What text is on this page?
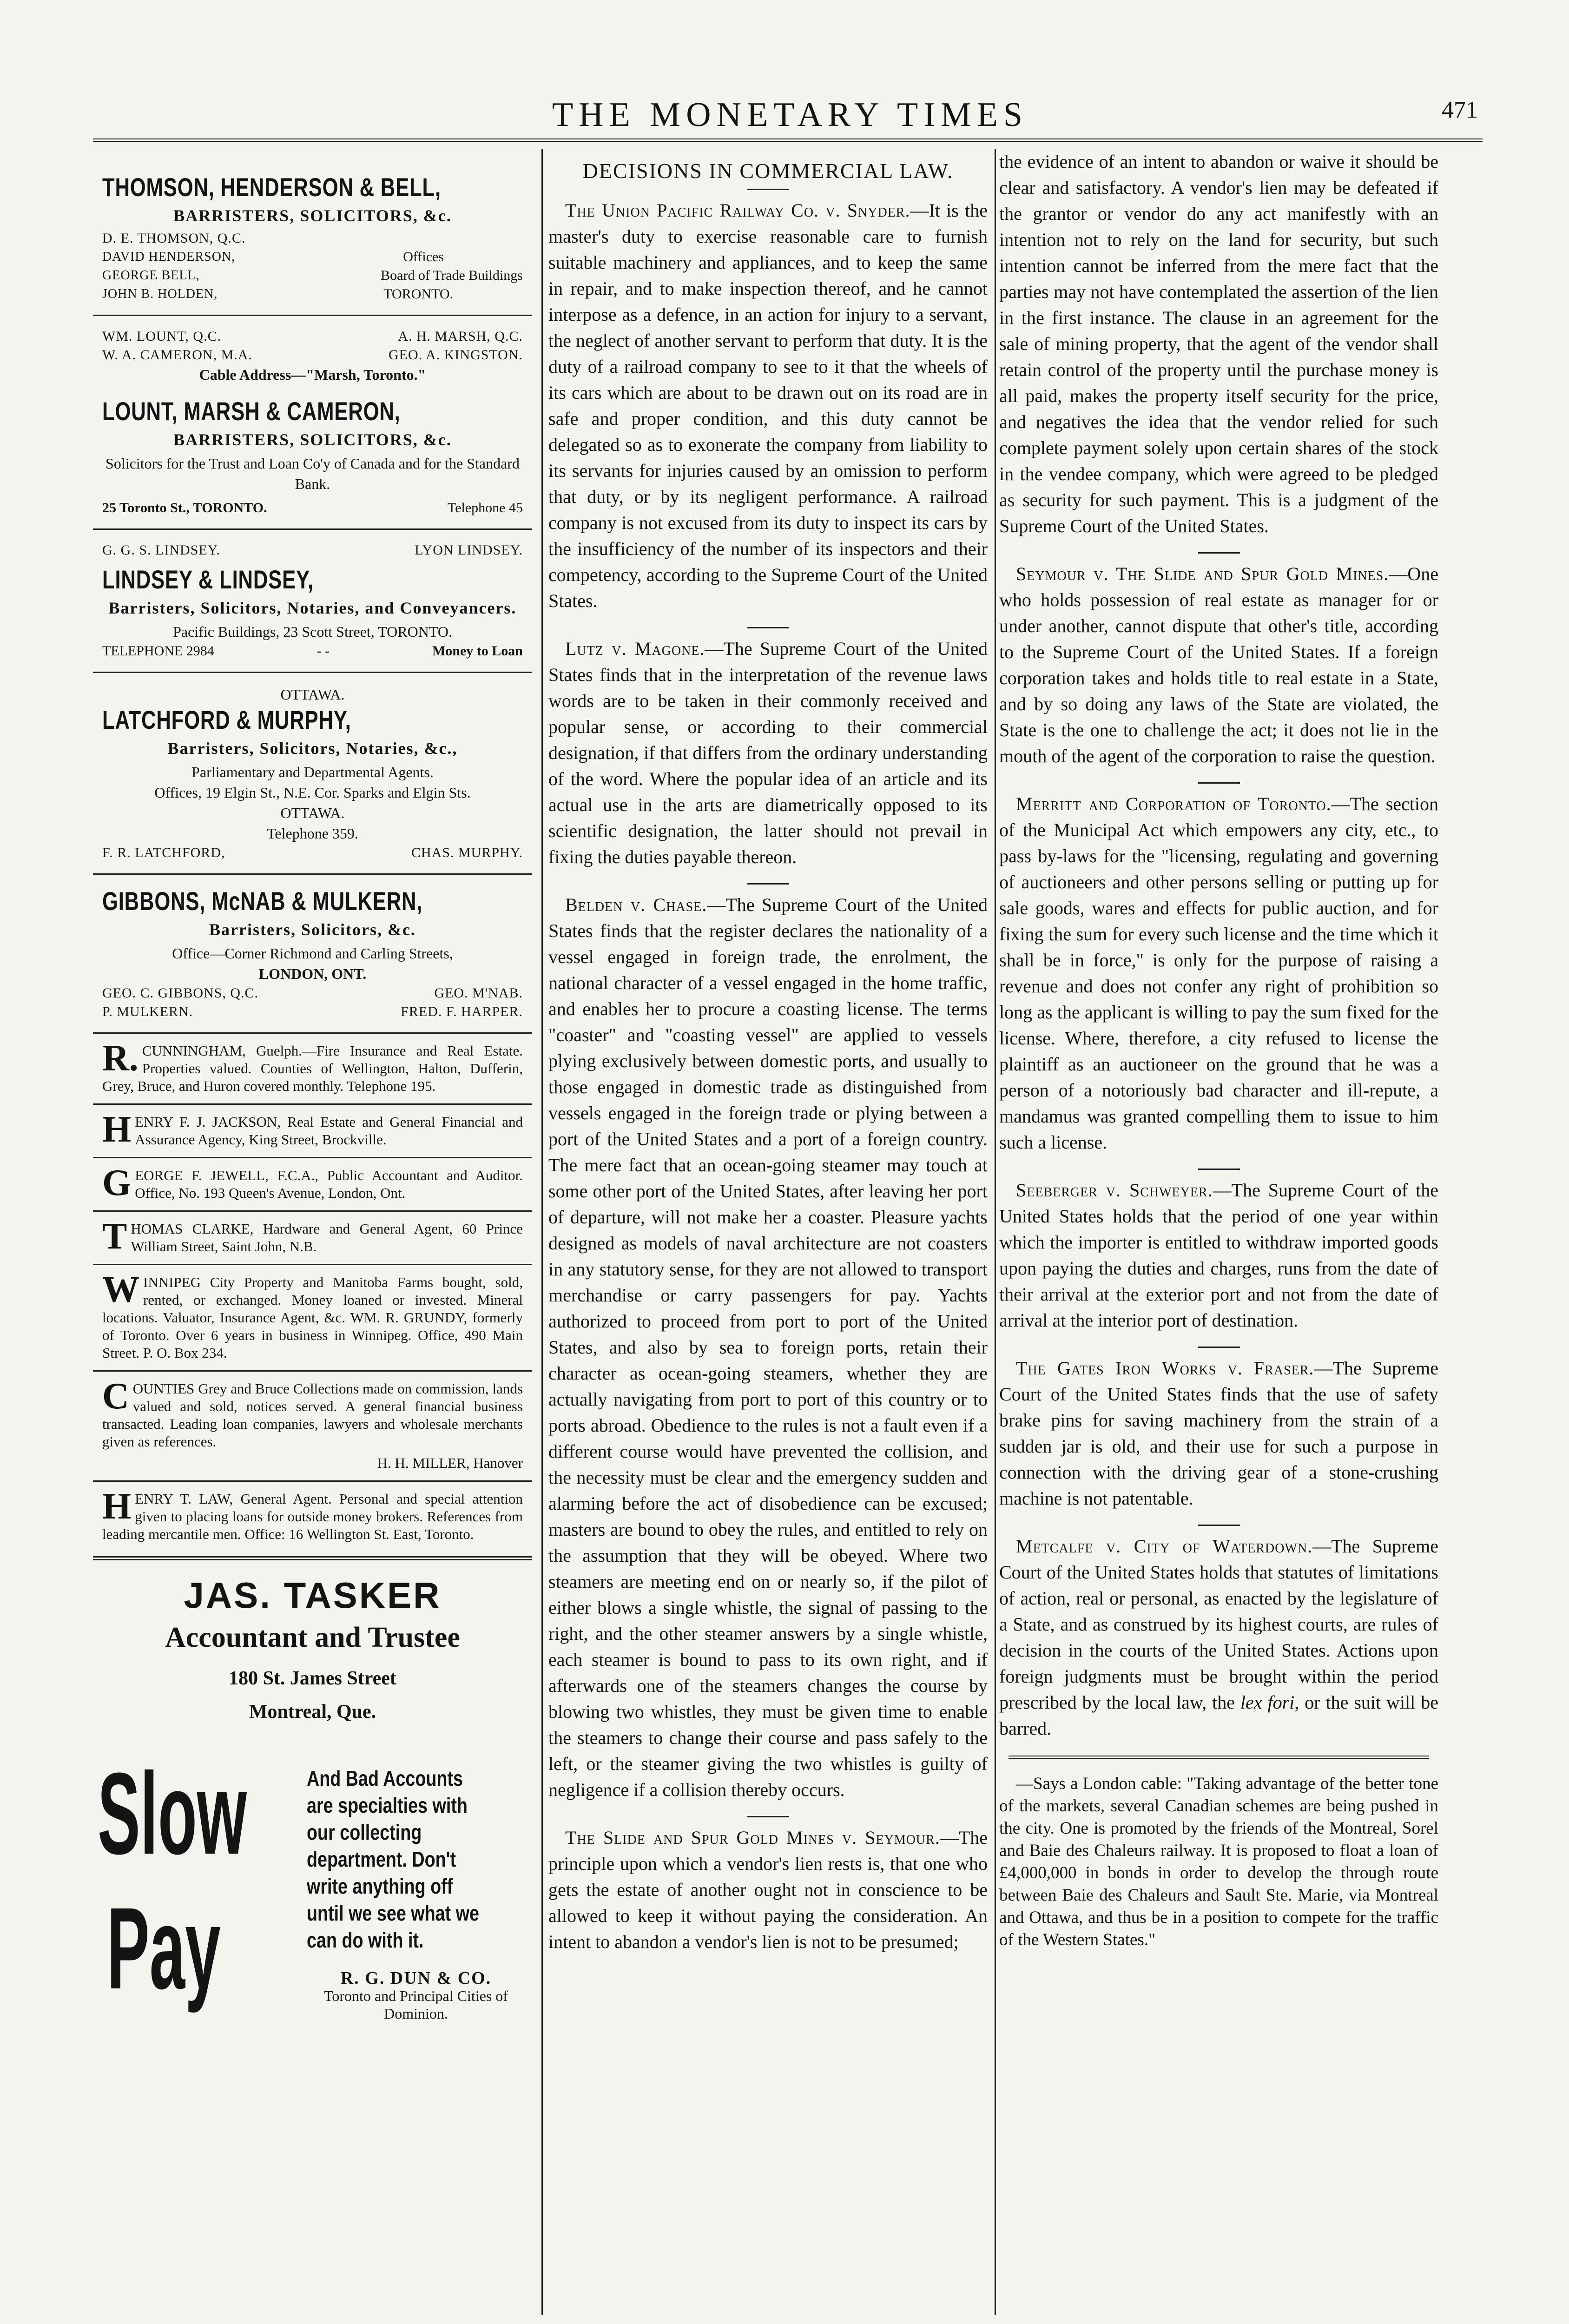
THE MONETARY TIMES	471
THOMSON, HENDERSON & BELL,
BARRISTERS, SOLICITORS, &c.
D. E. THOMSON, Q.C.
DAVID HENDERSON,	Offices
GEORGE BELL,	Board of Trade Buildings
JOHN B. HOLDEN,	TORONTO.
WM. LOUNT, Q.C.	A. H. MARSH, Q.C.
W. A. CAMERON, M.A.	GEO. A. KINGSTON.
Cable Address—"Marsh, Toronto."
LOUNT, MARSH & CAMERON,
BARRISTERS, SOLICITORS, &c.
Solicitors for the Trust and Loan Co'y of Canada and for the Standard Bank.
25 Toronto St., TORONTO.	Telephone 45
G. G. S. LINDSEY.	LYON LINDSEY.
LINDSEY & LINDSEY,
Barristers, Solicitors, Notaries, and Conveyancers.
Pacific Buildings, 23 Scott Street, TORONTO.
TELEPHONE 2984	- -	Money to Loan
OTTAWA.
LATCHFORD & MURPHY,
Barristers, Solicitors, Notaries, &c.,
Parliamentary and Departmental Agents.
Offices, 19 Elgin St., N.E. Cor. Sparks and Elgin Sts.
OTTAWA.
Telephone 359.
F. R. LATCHFORD,	CHAS. MURPHY.
GIBBONS, McNAB & MULKERN,
Barristers, Solicitors, &c.
Office—Corner Richmond and Carling Streets,
LONDON, ONT.
GEO. C. GIBBONS, Q.C.	GEO. M'NAB.
P. MULKERN.	FRED. F. HARPER.
R. CUNNINGHAM, Guelph.—Fire Insurance and Real Estate. Properties valued. Counties of Wellington, Halton, Dufferin, Grey, Bruce, and Huron covered monthly. Telephone 195.
HENRY F. J. JACKSON, Real Estate and General Financial and Assurance Agency, King Street, Brockville.
GEORGE F. JEWELL, F.C.A., Public Accountant and Auditor. Office, No. 193 Queen's Avenue, London, Ont.
THOMAS CLARKE, Hardware and General Agent, 60 Prince William Street, Saint John, N.B.
WINNIPEG City Property and Manitoba Farms bought, sold, rented, or exchanged. Money loaned or invested. Mineral locations. Valuator, Insurance Agent, &c. WM. R. GRUNDY, formerly of Toronto. Over 6 years in business in Winnipeg. Office, 490 Main Street. P. O. Box 234.
COUNTIES Grey and Bruce Collections made on commission, lands valued and sold, notices served. A general financial business transacted. Leading loan companies, lawyers and wholesale merchants given as references.
H. H. MILLER, Hanover
HENRY T. LAW, General Agent. Personal and special attention given to placing loans for outside money brokers. References from leading mercantile men. Office: 16 Wellington St. East, Toronto.
JAS. TASKER
Accountant and Trustee
180 St. James Street
Montreal, Que.
Slow
Pay
And Bad Accounts are specialties with our collecting department. Don't write anything off until we see what we can do with it.
R. G. DUN & CO.
Toronto and Principal Cities of Dominion.
DECISIONS IN COMMERCIAL LAW.

The Union Pacific Railway Co. v. Snyder.—It is the master's duty to exercise reasonable care to furnish suitable machinery and appliances, and to keep the same in repair, and to make inspection thereof, and he cannot interpose as a defence, in an action for injury to a servant, the neglect of another servant to perform that duty. It is the duty of a railroad company to see to it that the wheels of its cars which are about to be drawn out on its road are in safe and proper condition, and this duty cannot be delegated so as to exonerate the company from liability to its servants for injuries caused by an omission to perform that duty, or by its negligent performance. A railroad company is not excused from its duty to inspect its cars by the insufficiency of the number of its inspectors and their competency, according to the Supreme Court of the United States.

Lutz v. Magone.—The Supreme Court of the United States finds that in the interpretation of the revenue laws words are to be taken in their commonly received and popular sense, or according to their commercial designation, if that differs from the ordinary understanding of the word. Where the popular idea of an article and its actual use in the arts are diametrically opposed to its scientific designation, the latter should not prevail in fixing the duties payable thereon.

Belden v. Chase.—The Supreme Court of the United States finds that the register declares the nationality of a vessel engaged in foreign trade, the enrolment, the national character of a vessel engaged in the home traffic, and enables her to procure a coasting license. The terms "coaster" and "coasting vessel" are applied to vessels plying exclusively between domestic ports, and usually to those engaged in domestic trade as distinguished from vessels engaged in the foreign trade or plying between a port of the United States and a port of a foreign country. The mere fact that an ocean-going steamer may touch at some other port of the United States, after leaving her port of departure, will not make her a coaster. Pleasure yachts designed as models of naval architecture are not coasters in any statutory sense, for they are not allowed to transport merchandise or carry passengers for pay. Yachts authorized to proceed from port to port of the United States, and also by sea to foreign ports, retain their character as ocean-going steamers, whether they are actually navigating from port to port of this country or to ports abroad. Obedience to the rules is not a fault even if a different course would have prevented the collision, and the necessity must be clear and the emergency sudden and alarming before the act of disobedience can be excused; masters are bound to obey the rules, and entitled to rely on the assumption that they will be obeyed. Where two steamers are meeting end on or nearly so, if the pilot of either blows a single whistle, the signal of passing to the right, and the other steamer answers by a single whistle, each steamer is bound to pass to its own right, and if afterwards one of the steamers changes the course by blowing two whistles, they must be given time to enable the steamers to change their course and pass safely to the left, or the steamer giving the two whistles is guilty of negligence if a collision thereby occurs.

The Slide and Spur Gold Mines v. Seymour.—The principle upon which a vendor's lien rests is, that one who gets the estate of another ought not in conscience to be allowed to keep it without paying the consideration. An intent to abandon a vendor's lien is not to be presumed;

the evidence of an intent to abandon or waive it should be clear and satisfactory. A vendor's lien may be defeated if the grantor or vendor do any act manifestly with an intention not to rely on the land for security, but such intention cannot be inferred from the mere fact that the parties may not have contemplated the assertion of the lien in the first instance. The clause in an agreement for the sale of mining property, that the agent of the vendor shall retain control of the property until the purchase money is all paid, makes the property itself security for the price, and negatives the idea that the vendor relied for such complete payment solely upon certain shares of the stock in the vendee company, which were agreed to be pledged as security for such payment. This is a judgment of the Supreme Court of the United States.

Seymour v. The Slide and Spur Gold Mines.—One who holds possession of real estate as manager for or under another, cannot dispute that other's title, according to the Supreme Court of the United States. If a foreign corporation takes and holds title to real estate in a State, and by so doing any laws of the State are violated, the State is the one to challenge the act; it does not lie in the mouth of the agent of the corporation to raise the question.

Merritt and Corporation of Toronto.—The section of the Municipal Act which empowers any city, etc., to pass by-laws for the "licensing, regulating and governing of auctioneers and other persons selling or putting up for sale goods, wares and effects for public auction, and for fixing the sum for every such license and the time which it shall be in force," is only for the purpose of raising a revenue and does not confer any right of prohibition so long as the applicant is willing to pay the sum fixed for the license. Where, therefore, a city refused to license the plaintiff as an auctioneer on the ground that he was a person of a notoriously bad character and ill-repute, a mandamus was granted compelling them to issue to him such a license.

Seeberger v. Schweyer.—The Supreme Court of the United States holds that the period of one year within which the importer is entitled to withdraw imported goods upon paying the duties and charges, runs from the date of their arrival at the exterior port and not from the date of arrival at the interior port of destination.

The Gates Iron Works v. Fraser.—The Supreme Court of the United States finds that the use of safety brake pins for saving machinery from the strain of a sudden jar is old, and their use for such a purpose in connection with the driving gear of a stone-crushing machine is not patentable.

Metcalfe v. City of Waterdown.—The Supreme Court of the United States holds that statutes of limitations of action, real or personal, as enacted by the legislature of a State, and as construed by its highest courts, are rules of decision in the courts of the United States. Actions upon foreign judgments must be brought within the period prescribed by the local law, the lex fori, or the suit will be barred.

—Says a London cable: "Taking advantage of the better tone of the markets, several Canadian schemes are being pushed in the city. One is promoted by the friends of the Montreal, Sorel and Baie des Chaleurs railway. It is proposed to float a loan of £4,000,000 in bonds in order to develop the through route between Baie des Chaleurs and Sault Ste. Marie, via Montreal and Ottawa, and thus be in a position to compete for the traffic of the Western States."
